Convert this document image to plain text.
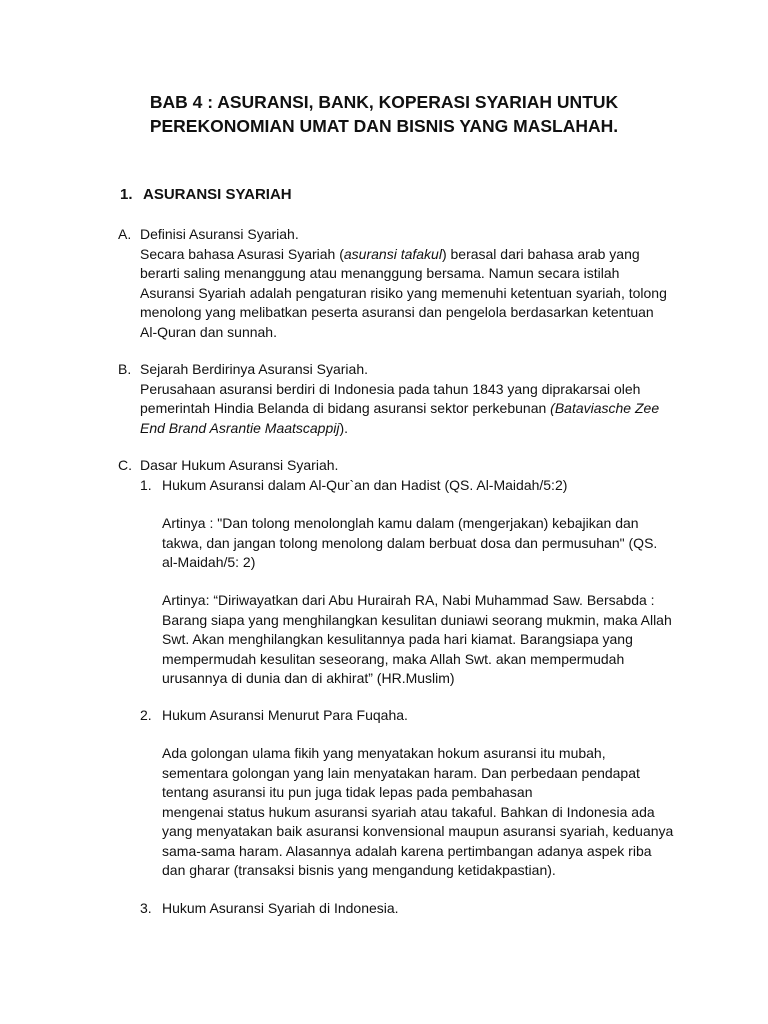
BAB 4 : ASURANSI, BANK, KOPERASI SYARIAH UNTUK
PEREKONOMIAN UMAT DAN BISNIS YANG MASLAHAH.
1. ASURANSI SYARIAH
A. Definisi Asuransi Syariah.
Secara bahasa Asurasi Syariah (asuransi tafakul) berasal dari bahasa arab yang
berarti saling menanggung atau menanggung bersama. Namun secara istilah
Asuransi Syariah adalah pengaturan risiko yang memenuhi ketentuan syariah, tolong
menolong yang melibatkan peserta asuransi dan pengelola berdasarkan ketentuan
Al-Quran dan sunnah.
B. Sejarah Berdirinya Asuransi Syariah.
Perusahaan asuransi berdiri di Indonesia pada tahun 1843 yang diprakarsai oleh
pemerintah Hindia Belanda di bidang asuransi sektor perkebunan (Bataviasche Zee
End Brand Asrantie Maatscappij).
C. Dasar Hukum Asuransi Syariah.
1. Hukum Asuransi dalam Al-Qur`an dan Hadist (QS. Al-Maidah/5:2)
Artinya : "Dan tolong menolonglah kamu dalam (mengerjakan) kebajikan dan
takwa, dan jangan tolong menolong dalam berbuat dosa dan permusuhan" (QS.
al-Maidah/5: 2)
Artinya: “Diriwayatkan dari Abu Hurairah RA, Nabi Muhammad Saw. Bersabda :
Barang siapa yang menghilangkan kesulitan duniawi seorang mukmin, maka Allah
Swt. Akan menghilangkan kesulitannya pada hari kiamat. Barangsiapa yang
mempermudah kesulitan seseorang, maka Allah Swt. akan mempermudah
urusannya di dunia dan di akhirat” (HR.Muslim)
2. Hukum Asuransi Menurut Para Fuqaha.
Ada golongan ulama fikih yang menyatakan hokum asuransi itu mubah,
sementara golongan yang lain menyatakan haram. Dan perbedaan pendapat
tentang asuransi itu pun juga tidak lepas pada pembahasan
mengenai status hukum asuransi syariah atau takaful. Bahkan di Indonesia ada
yang menyatakan baik asuransi konvensional maupun asuransi syariah, keduanya
sama-sama haram. Alasannya adalah karena pertimbangan adanya aspek riba
dan gharar (transaksi bisnis yang mengandung ketidakpastian).
3. Hukum Asuransi Syariah di Indonesia.
